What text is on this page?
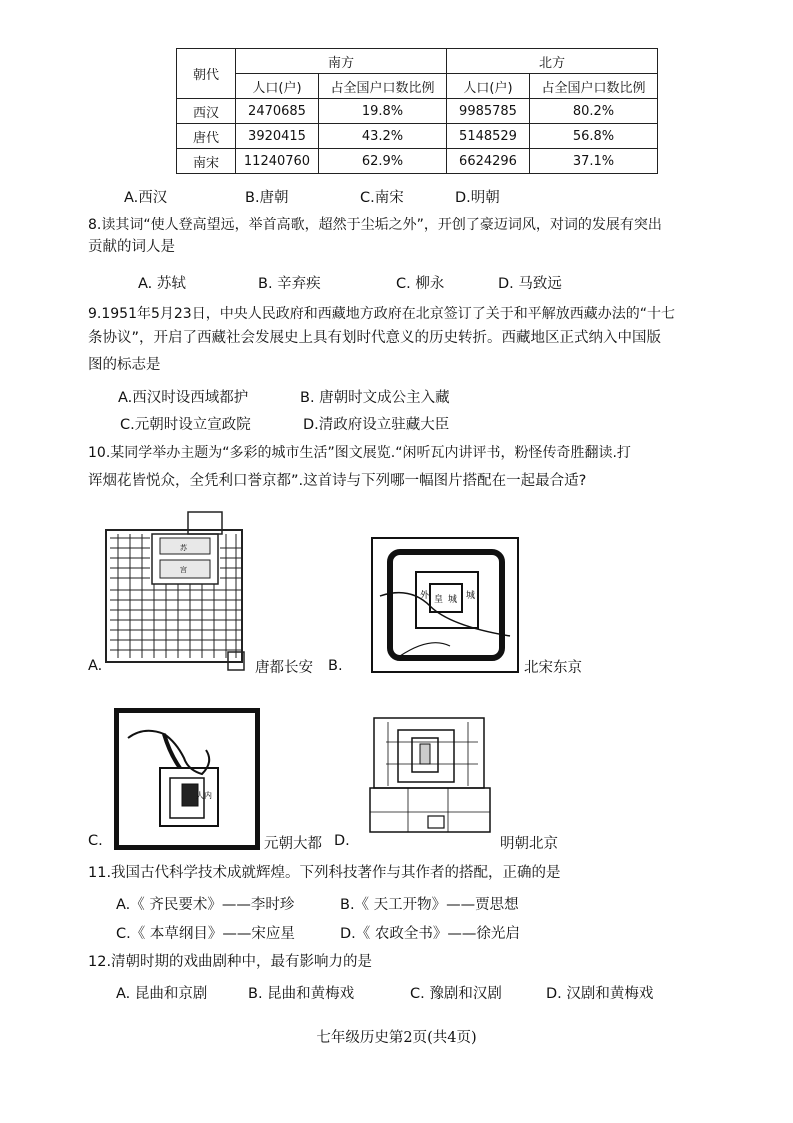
朝代	南方		北方	
	人口(户)	占全国户口数比例	人口(户)	占全国户口数比例
西汉	2470685	19.8%	9985785	80.2%
唐代	3920415	43.2%	5148529	56.8%
南宋	11240760	62.9%	6624296	37.1%
A.西汉	B.唐朝	C.南宋	D.明朝
8.读其词“使人登高望远，举首高歌，超然于尘垢之外”，开创了豪迈词风，对词的发展有突出
贡献的词人是
A. 苏轼	B. 辛弃疾	C. 柳永	D. 马致远
9.1951年5月23日，中央人民政府和西藏地方政府在北京签订了关于和平解放西藏办法的“十七
条协议”，开启了西藏社会发展史上具有划时代意义的历史转折。西藏地区正式纳入中国版
图的标志是
A.西汉时设西域都护	B. 唐朝时文成公主入藏
C.元朝时设立宣政院	D.清政府设立驻藏大臣
10.某同学举办主题为“多彩的城市生活”图文展览.“闲听瓦内讲评书，粉怪传奇胜翻读.打
诨烟花皆悦众，全凭利口誉京都”.这首诗与下列哪一幅图片搭配在一起最合适?
A.
苏
宫
唐都长安 B.
外	城
皇 城
北宋东京
C.
人 内
元朝大都 D.	明朝北京
11.我国古代科学技术成就辉煌。下列科技著作与其作者的搭配，正确的是
A.《 齐民要术》——李时珍	B.《 天工开物》——贾思想
C.《 本草纲目》——宋应星	D.《 农政全书》——徐光启
12.清朝时期的戏曲剧种中，最有影响力的是
A. 昆曲和京剧	B. 昆曲和黄梅戏	C. 豫剧和汉剧	D. 汉剧和黄梅戏
七年级历史第2页(共4页)
